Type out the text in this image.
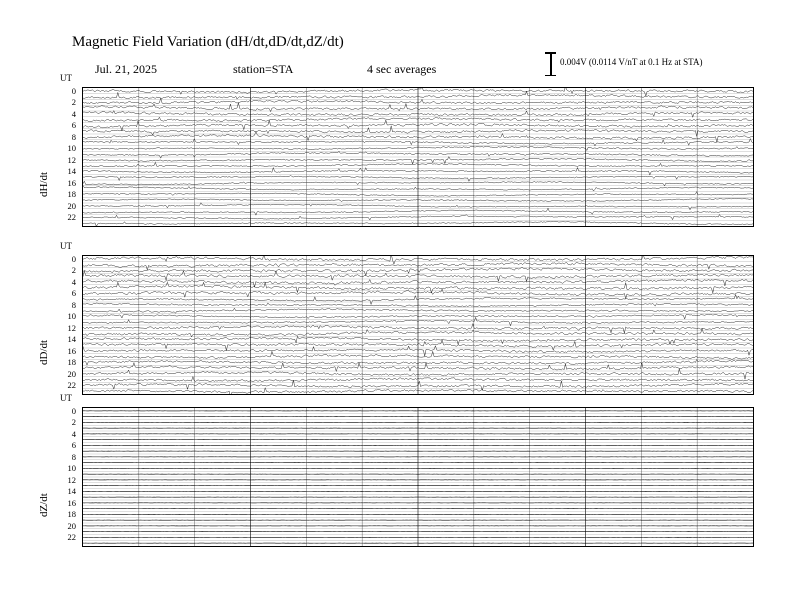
Magnetic Field Variation (dH/dt,dD/dt,dZ/dt)
Jul. 21, 2025	station=STA	4 sec averages	0.004V (0.0114 V/nT at 0.1 Hz at STA)
UT
dH/dt
0
2
4
6
8
10
12
14
16
18
20
22
UT
dD/dt
0
2
4
6
8
10
12
14
16
18
20
22
UT
dZ/dt
0
2
4
6
8
10
12
14
16
18
20
22
